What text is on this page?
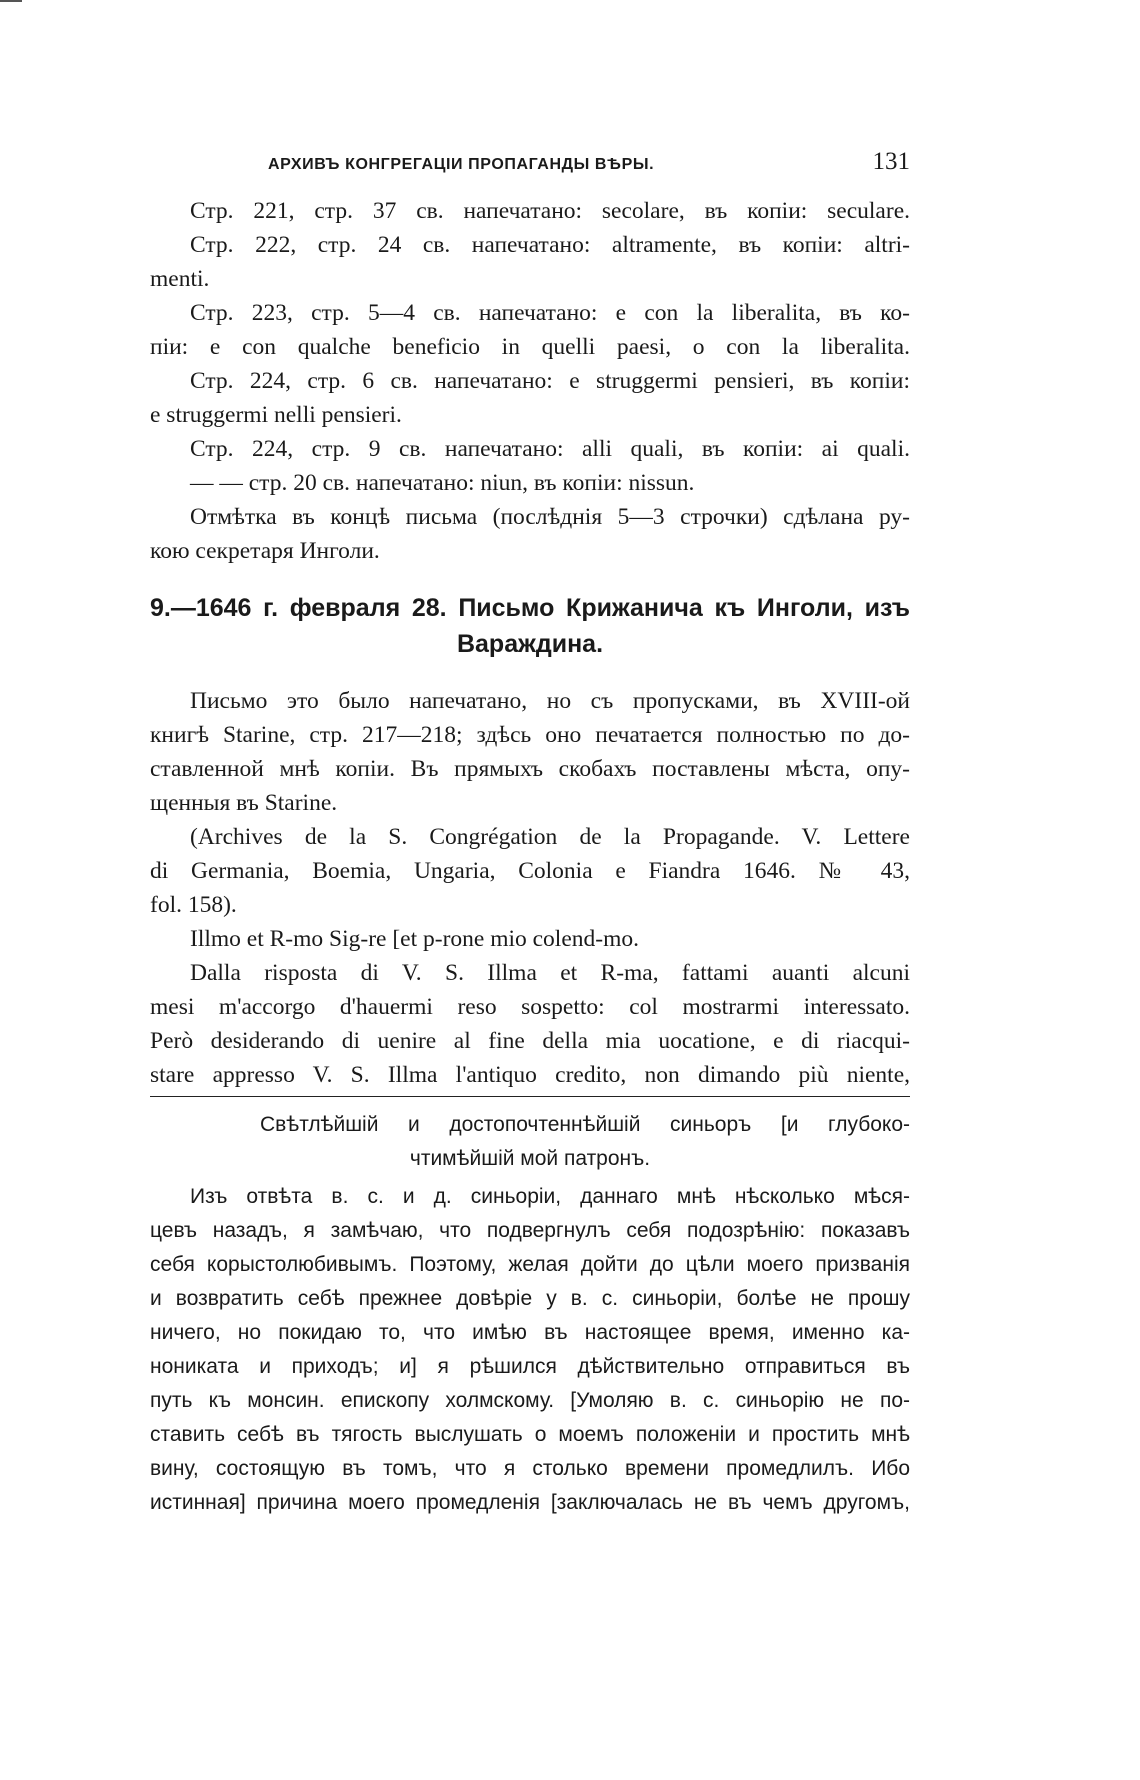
АРХИВЪ КОНГРЕГАЦІИ ПРОПАГАНДЫ ВѢРЫ.	131
Стр. 221, стр. 37 св. напечатано: secolare, въ копіи: seculare.
Стр. 222, стр. 24 св. напечатано: altramente, въ копіи: altri-
menti.
Стр. 223, стр. 5—4 св. напечатано: e con la liberalita, въ ко-
піи: e con qualche beneficio in quelli paesi, o con la liberalita.
Стр. 224, стр. 6 св. напечатано: e struggermi pensieri, въ копіи:
e struggermi nelli pensieri.
Стр. 224, стр. 9 св. напечатано: alli quali, въ копіи: ai quali.
— — стр. 20 св. напечатано: niun, въ копіи: nissun.
Отмѣтка въ концѣ письма (послѣднія 5—3 строчки) сдѣлана ру-
кою секретаря Инголи.
9.—1646 г. февраля 28. Письмо Крижанича къ Инголи, изъ
Вараждина.
Письмо это было напечатано, но съ пропусками, въ XVIII-ой
книгѣ Starine, стр. 217—218; здѣсь оно печатается полностью по до-
ставленной мнѣ копіи. Въ прямыхъ скобахъ поставлены мѣста, опу-
щенныя въ Starine.
(Archives de la S. Congrégation de la Propagande. V. Lettere
di Germania, Boemia, Ungaria, Colonia e Fiandra 1646. № 43,
fol. 158).
Illmo et R-mo Sig-re [et p-rone mio colend-mo.
Dalla risposta di V. S. Illma et R-ma, fattami auanti alcuni
mesi m'accorgo d'hauermi reso sospetto: col mostrarmi interessato.
Però desiderando di uenire al fine della mia uocatione, e di riacqui-
stare appresso V. S. Illma l'antiquo credito, non dimando più niente,
Свѣтлѣйшій и достопочтеннѣйшій синьоръ [и глубоко-
чтимѣйшій мой патронъ.
Изъ отвѣта в. с. и д. синьоріи, даннаго мнѣ нѣсколько мѣся-
цевъ назадъ, я замѣчаю, что подвергнулъ себя подозрѣнію: показавъ
себя корыстолюбивымъ. Поэтому, желая дойти до цѣли моего призванія
и возвратить себѣ прежнее довѣріе у в. с. синьоріи, болѣе не прошу
ничего, но покидаю то, что имѣю въ настоящее время, именно ка-
нониката и приходъ; и] я рѣшился дѣйствительно отправиться въ
путь къ монсин. епископу холмскому. [Умоляю в. с. синьорію не по-
ставить себѣ въ тягость выслушать о моемъ положеніи и простить мнѣ
вину, состоящую въ томъ, что я столько времени промедлилъ. Ибо
истинная] причина моего промедленія [заключалась не въ чемъ другомъ,
